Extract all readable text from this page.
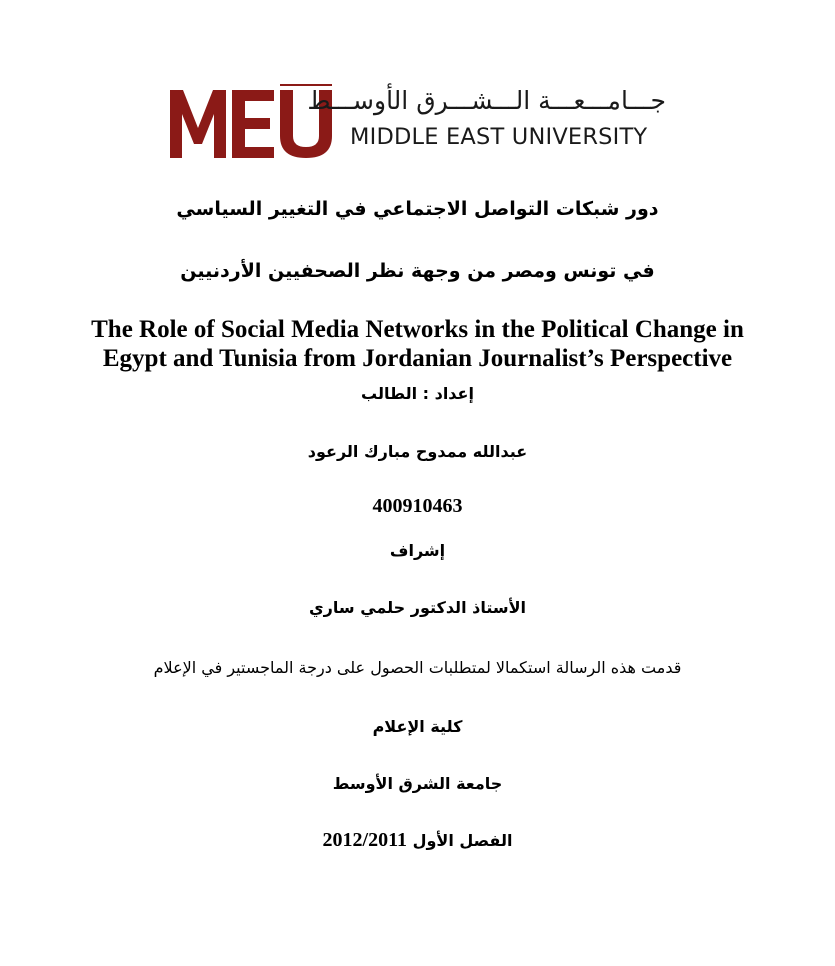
جـــامـــعـــة الـــشـــرق الأوســـط
MIDDLE EAST UNIVERSITY
دور شبكات التواصل الاجتماعي في التغيير السياسي
في تونس ومصر من وجهة نظر الصحفيين الأردنيين
The Role of Social Media Networks in the Political Change in
Egypt and Tunisia from Jordanian Journalist’s Perspective
إعداد : الطالب
عبدالله ممدوح مبارك الرعود
400910463
إشراف
الأستاذ الدكتور حلمي ساري
قدمت هذه الرسالة استكمالا لمتطلبات الحصول على درجة الماجستير في الإعلام
كلية الإعلام
جامعة الشرق الأوسط
الفصل الأول 2012/2011
